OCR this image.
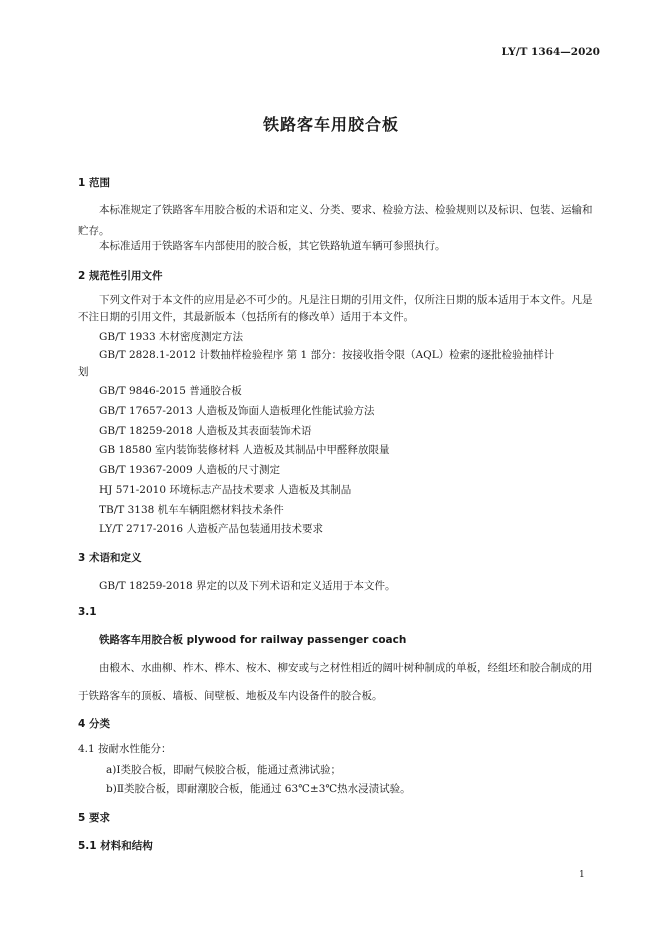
LY/T 1364—2020
铁路客车用胶合板
1 范围
本标准规定了铁路客车用胶合板的术语和定义、分类、要求、检验方法、检验规则以及标识、包装、运输和贮存。
本标准适用于铁路客车内部使用的胶合板，其它铁路轨道车辆可参照执行。
2 规范性引用文件
下列文件对于本文件的应用是必不可少的。凡是注日期的引用文件，仅所注日期的版本适用于本文件。凡是不注日期的引用文件，其最新版本（包括所有的修改单）适用于本文件。
GB/T 1933 木材密度测定方法
GB/T 2828.1-2012 计数抽样检验程序 第 1 部分：按接收指令限（AQL）检索的逐批检验抽样计
划
GB/T 9846-2015 普通胶合板
GB/T 17657-2013 人造板及饰面人造板理化性能试验方法
GB/T 18259-2018 人造板及其表面装饰术语
GB 18580 室内装饰装修材料 人造板及其制品中甲醛释放限量
GB/T 19367-2009 人造板的尺寸测定
HJ 571-2010 环境标志产品技术要求 人造板及其制品
TB/T 3138 机车车辆阻燃材料技术条件
LY/T 2717-2016 人造板产品包装通用技术要求
3 术语和定义
GB/T 18259-2018 界定的以及下列术语和定义适用于本文件。
3.1
铁路客车用胶合板 plywood for railway passenger coach
由椴木、水曲柳、柞木、桦木、桉木、柳安或与之材性相近的阔叶树种制成的单板，经组坯和胶合制成的用于铁路客车的顶板、墙板、间壁板、地板及车内设备件的胶合板。
4 分类
4.1 按耐水性能分：
a)Ⅰ类胶合板，即耐气候胶合板，能通过煮沸试验；
b)Ⅱ类胶合板，即耐潮胶合板，能通过 63℃±3℃热水浸渍试验。
5 要求
5.1 材料和结构
1
